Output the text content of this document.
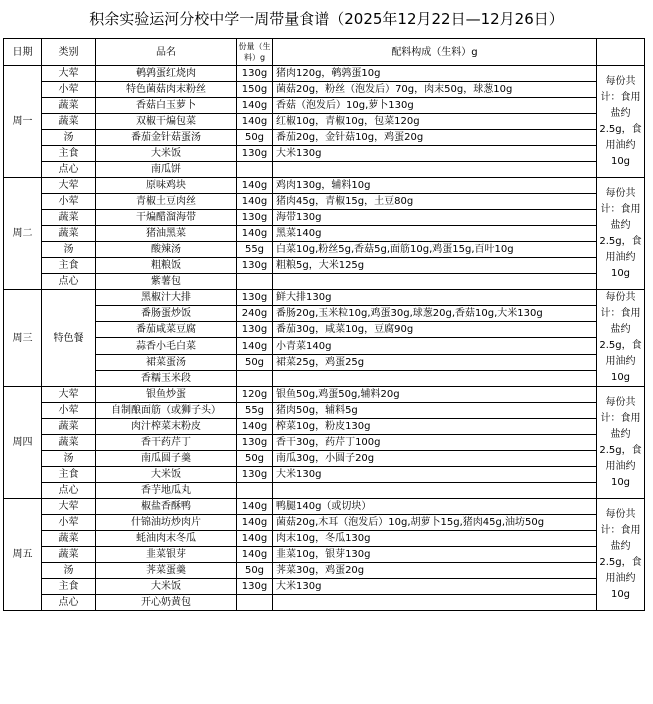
积余实验运河分校中学一周带量食谱（2025年12月22日—12月26日）
日期	类别	品名	份量（生料）g	配料构成（生料）g	
周一	大荤	鹌鹑蛋红烧肉	130g	猪肉120g，鹌鹑蛋10g	每份共计：食用盐约2.5g，食用油约10g
	小荤	特色菌菇肉末粉丝	150g	菌菇20g，粉丝（泡发后）70g，肉末50g，球葱10g	
	蔬菜	香菇白玉萝卜	140g	香菇（泡发后）10g,萝卜130g	
	蔬菜	双椒干煸包菜	140g	红椒10g，青椒10g，包菜120g	
	汤	番茄金针菇蛋汤	50g	番茄20g，金针菇10g，鸡蛋20g	
	主食	大米饭	130g	大米130g	
	点心	南瓜饼			
周二	大荤	原味鸡块	140g	鸡肉130g，辅料10g	每份共计：食用盐约2.5g，食用油约10g
	小荤	青椒土豆肉丝	140g	猪肉45g，青椒15g，土豆80g	
	蔬菜	干煸醋溜海带	130g	海带130g	
	蔬菜	猪油黑菜	140g	黑菜140g	
	汤	酸辣汤	55g	白菜10g,粉丝5g,香菇5g,面筋10g,鸡蛋15g,百叶10g	
	主食	粗粮饭	130g	粗粮5g，大米125g	
	点心	紫薯包			
周三	特色餐	黑椒汁大排	130g	鲜大排130g	每份共计：食用盐约2.5g，食用油约10g
		番肠蛋炒饭	240g	番肠20g,玉米粒10g,鸡蛋30g,球葱20g,香菇10g,大米130g	
		番茄咸菜豆腐	130g	番茄30g，咸菜10g，豆腐90g	
		蒜香小毛白菜	140g	小青菜140g	
		裙菜蛋汤	50g	裙菜25g，鸡蛋25g	
		香糯玉米段			
周四	大荤	银鱼炒蛋	120g	银鱼50g,鸡蛋50g,辅料20g	每份共计：食用盐约2.5g，食用油约10g
	小荤	自制酿面筋（或狮子头）	55g	猪肉50g，辅料5g	
	蔬菜	肉汁榨菜末粉皮	140g	榨菜10g，粉皮130g	
	蔬菜	香干药芹丁	130g	香干30g，药芹丁100g	
	汤	南瓜圆子羹	50g	南瓜30g，小圆子20g	
	主食	大米饭	130g	大米130g	
	点心	香芋地瓜丸			
周五	大荤	椒盐香酥鸭	140g	鸭腿140g（或切块）	每份共计：食用盐约2.5g，食用油约10g
	小荤	什锦油坊炒肉片	140g	菌菇20g,木耳（泡发后）10g,胡萝卜15g,猪肉45g,油坊50g	
	蔬菜	蚝油肉末冬瓜	140g	肉末10g，冬瓜130g	
	蔬菜	韭菜银芽	140g	韭菜10g，银芽130g	
	汤	荠菜蛋羹	50g	荠菜30g，鸡蛋20g	
	主食	大米饭	130g	大米130g	
	点心	开心奶黄包			
